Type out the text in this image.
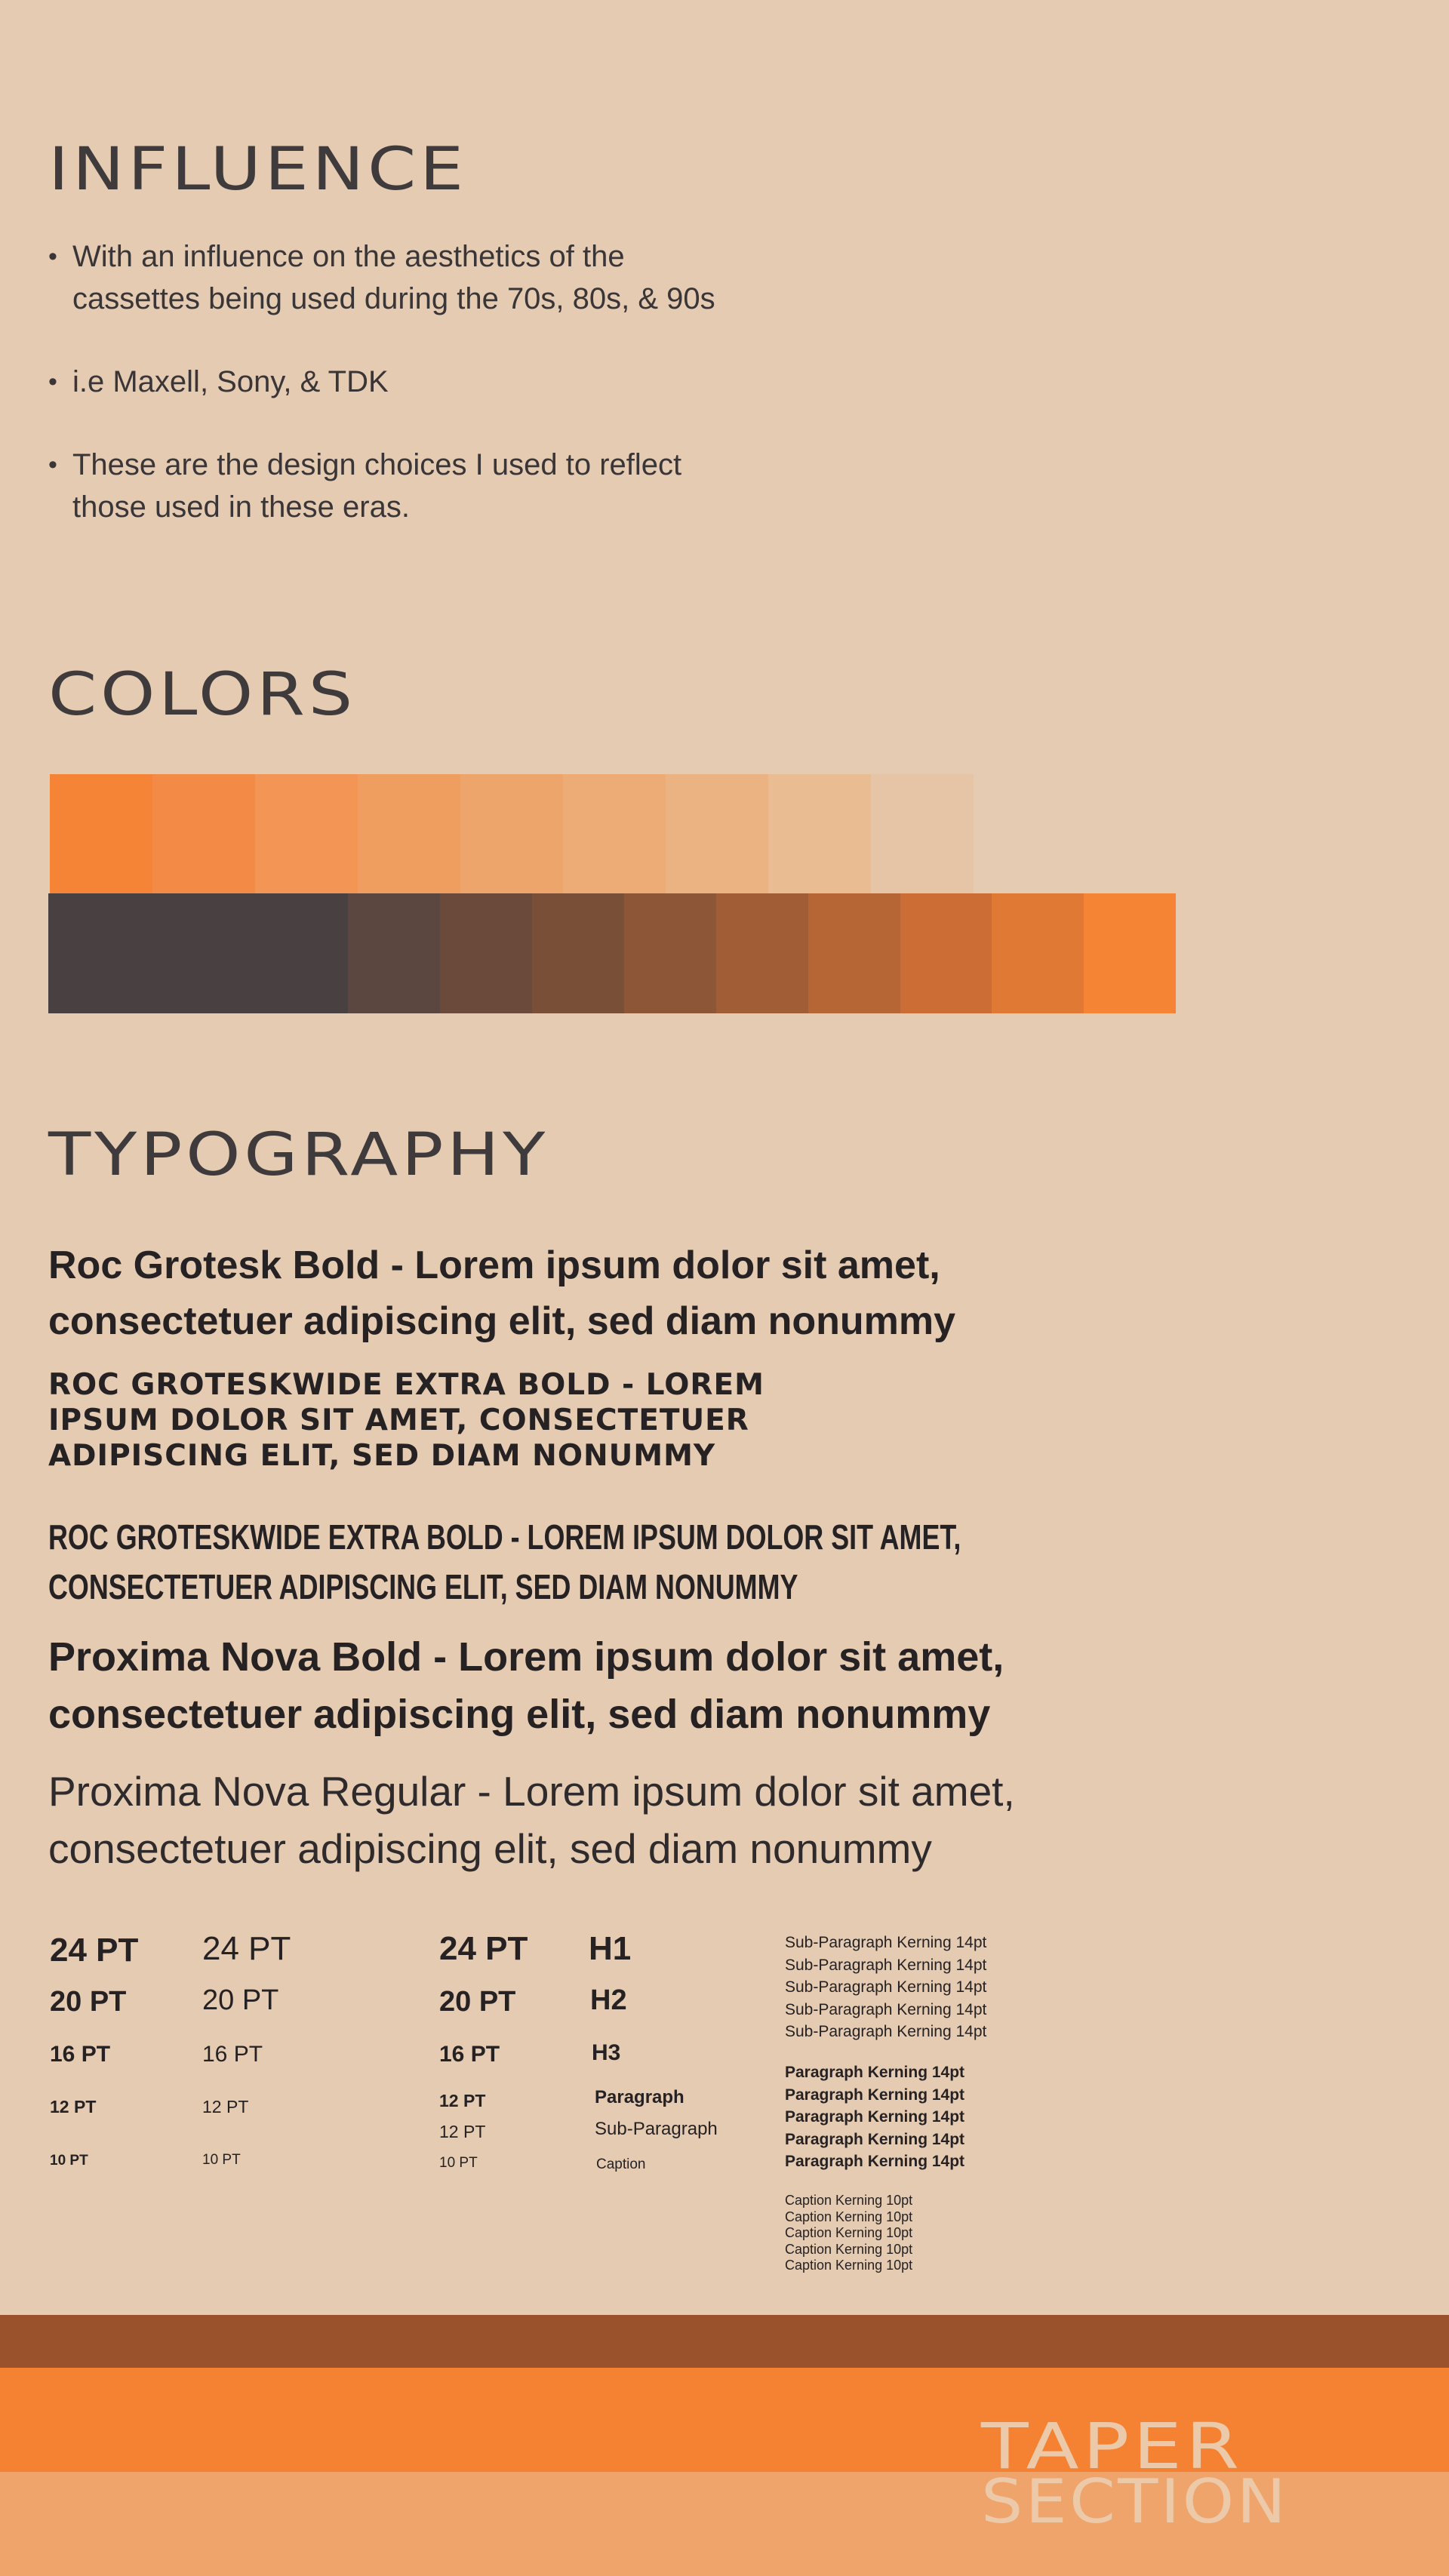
INFLUENCE
• With an influence on the aesthetics of the
cassettes being used during the 70s, 80s, & 90s
• i.e Maxell, Sony, & TDK
• These are the design choices I used to reflect
those used in these eras.
COLORS
TYPOGRAPHY
Roc Grotesk Bold - Lorem ipsum dolor sit amet,
consectetuer adipiscing elit, sed diam nonummy
ROC GROTESKWIDE EXTRA BOLD - LOREM
IPSUM DOLOR SIT AMET, CONSECTETUER
ADIPISCING ELIT, SED DIAM NONUMMY
ROC GROTESKWIDE EXTRA BOLD - LOREM IPSUM DOLOR SIT AMET,
CONSECTETUER ADIPISCING ELIT, SED DIAM NONUMMY
Proxima Nova Bold - Lorem ipsum dolor sit amet,
consectetuer adipiscing elit, sed diam nonummy
Proxima Nova Regular - Lorem ipsum dolor sit amet,
consectetuer adipiscing elit, sed diam nonummy
24 PT
20 PT
16 PT
12 PT
10 PT
24 PT
20 PT
16 PT
12 PT
10 PT
24 PT
20 PT
16 PT
12 PT
12 PT
10 PT
H1
H2
H3
Paragraph
Sub-Paragraph
Caption
Sub-Paragraph Kerning 14pt
Sub-Paragraph Kerning 14pt
Sub-Paragraph Kerning 14pt
Sub-Paragraph Kerning 14pt
Sub-Paragraph Kerning 14pt
Paragraph Kerning 14pt
Paragraph Kerning 14pt
Paragraph Kerning 14pt
Paragraph Kerning 14pt
Paragraph Kerning 14pt
Caption Kerning 10pt
Caption Kerning 10pt
Caption Kerning 10pt
Caption Kerning 10pt
Caption Kerning 10pt
TAPER
SECTION
